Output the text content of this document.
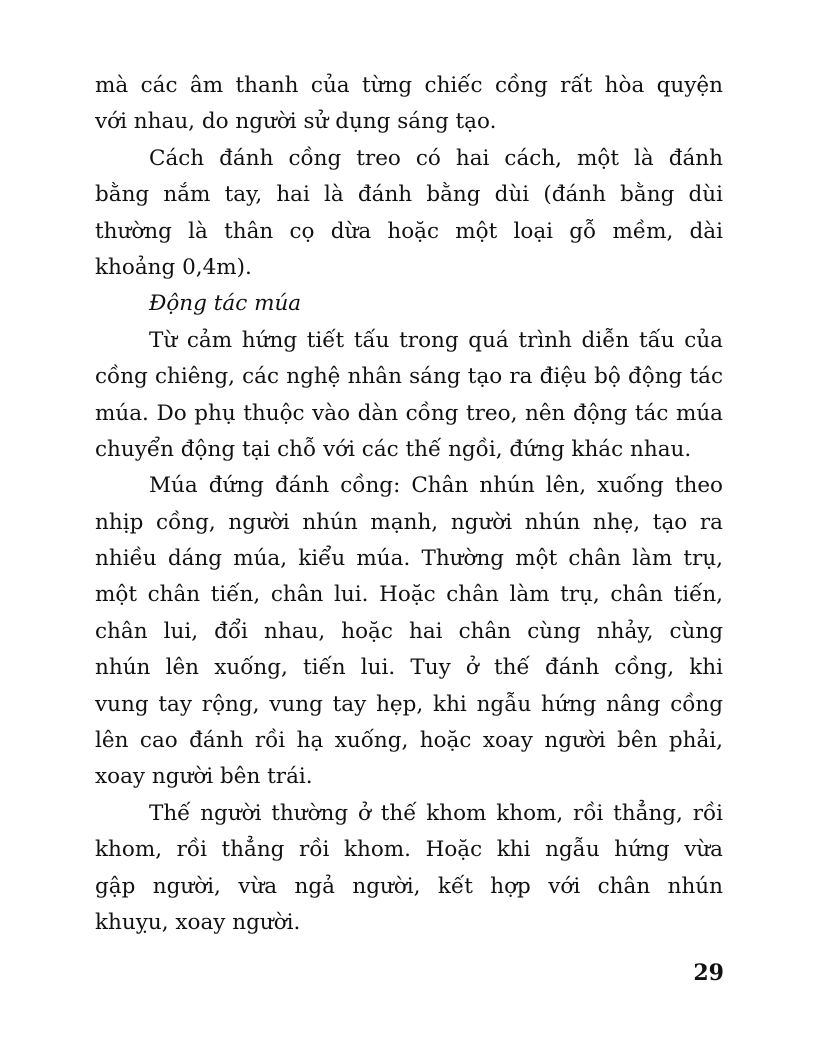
mà các âm thanh của từng chiếc cồng rất hòa quyện
với nhau, do người sử dụng sáng tạo.

Cách đánh cồng treo có hai cách, một là đánh
bằng nắm tay, hai là đánh bằng dùi (đánh bằng dùi
thường là thân cọ dừa hoặc một loại gỗ mềm, dài
khoảng 0,4m).

Động tác múa

Từ cảm hứng tiết tấu trong quá trình diễn tấu của
cồng chiêng, các nghệ nhân sáng tạo ra điệu bộ động tác
múa. Do phụ thuộc vào dàn cồng treo, nên động tác múa
chuyển động tại chỗ với các thế ngồi, đứng khác nhau.

Múa đứng đánh cồng: Chân nhún lên, xuống theo
nhịp cồng, người nhún mạnh, người nhún nhẹ, tạo ra
nhiều dáng múa, kiểu múa. Thường một chân làm trụ,
một chân tiến, chân lui. Hoặc chân làm trụ, chân tiến,
chân lui, đổi nhau, hoặc hai chân cùng nhảy, cùng
nhún lên xuống, tiến lui. Tuy ở thế đánh cồng, khi
vung tay rộng, vung tay hẹp, khi ngẫu hứng nâng cồng
lên cao đánh rồi hạ xuống, hoặc xoay người bên phải,
xoay người bên trái.

Thế người thường ở thế khom khom, rồi thẳng, rồi
khom, rồi thẳng rồi khom. Hoặc khi ngẫu hứng vừa
gập người, vừa ngả người, kết hợp với chân nhún
khuỵu, xoay người.

29
